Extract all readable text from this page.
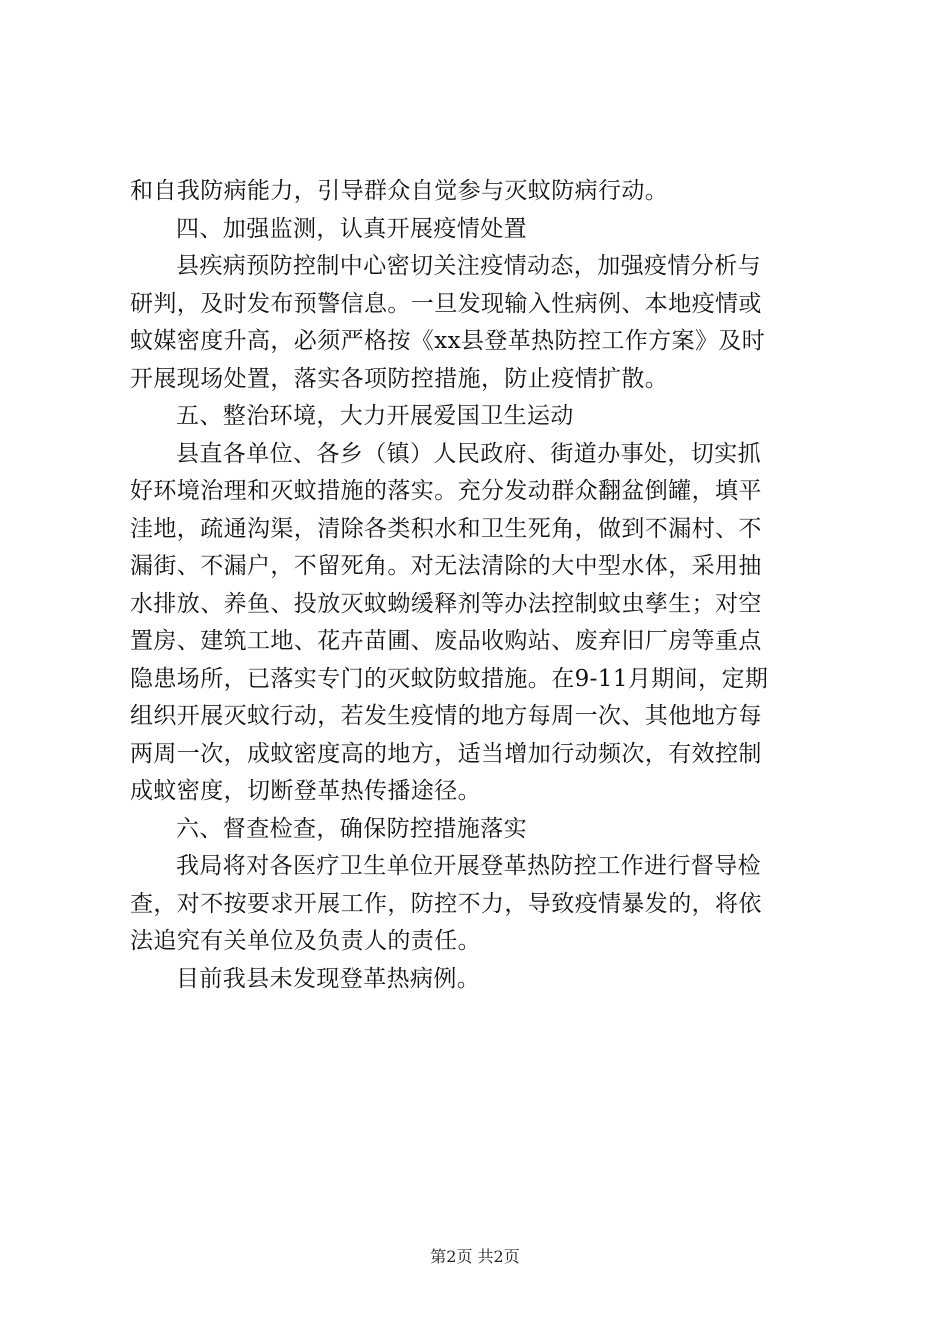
和自我防病能力，引导群众自觉参与灭蚊防病行动。
四、加强监测，认真开展疫情处置
县疾病预防控制中心密切关注疫情动态，加强疫情分析与
研判，及时发布预警信息。一旦发现输入性病例、本地疫情或
蚊媒密度升高，必须严格按《xx县登革热防控工作方案》及时
开展现场处置，落实各项防控措施，防止疫情扩散。
五、整治环境，大力开展爱国卫生运动
县直各单位、各乡（镇）人民政府、街道办事处，切实抓
好环境治理和灭蚊措施的落实。充分发动群众翻盆倒罐，填平
洼地，疏通沟渠，清除各类积水和卫生死角，做到不漏村、不
漏街、不漏户，不留死角。对无法清除的大中型水体，采用抽
水排放、养鱼、投放灭蚊蚴缓释剂等办法控制蚊虫孳生；对空
置房、建筑工地、花卉苗圃、废品收购站、废弃旧厂房等重点
隐患场所，已落实专门的灭蚊防蚊措施。在9-11月期间，定期
组织开展灭蚊行动，若发生疫情的地方每周一次、其他地方每
两周一次，成蚊密度高的地方，适当增加行动频次，有效控制
成蚊密度，切断登革热传播途径。
六、督查检查，确保防控措施落实
我局将对各医疗卫生单位开展登革热防控工作进行督导检
查，对不按要求开展工作，防控不力，导致疫情暴发的，将依
法追究有关单位及负责人的责任。
目前我县未发现登革热病例。
第2页 共2页
